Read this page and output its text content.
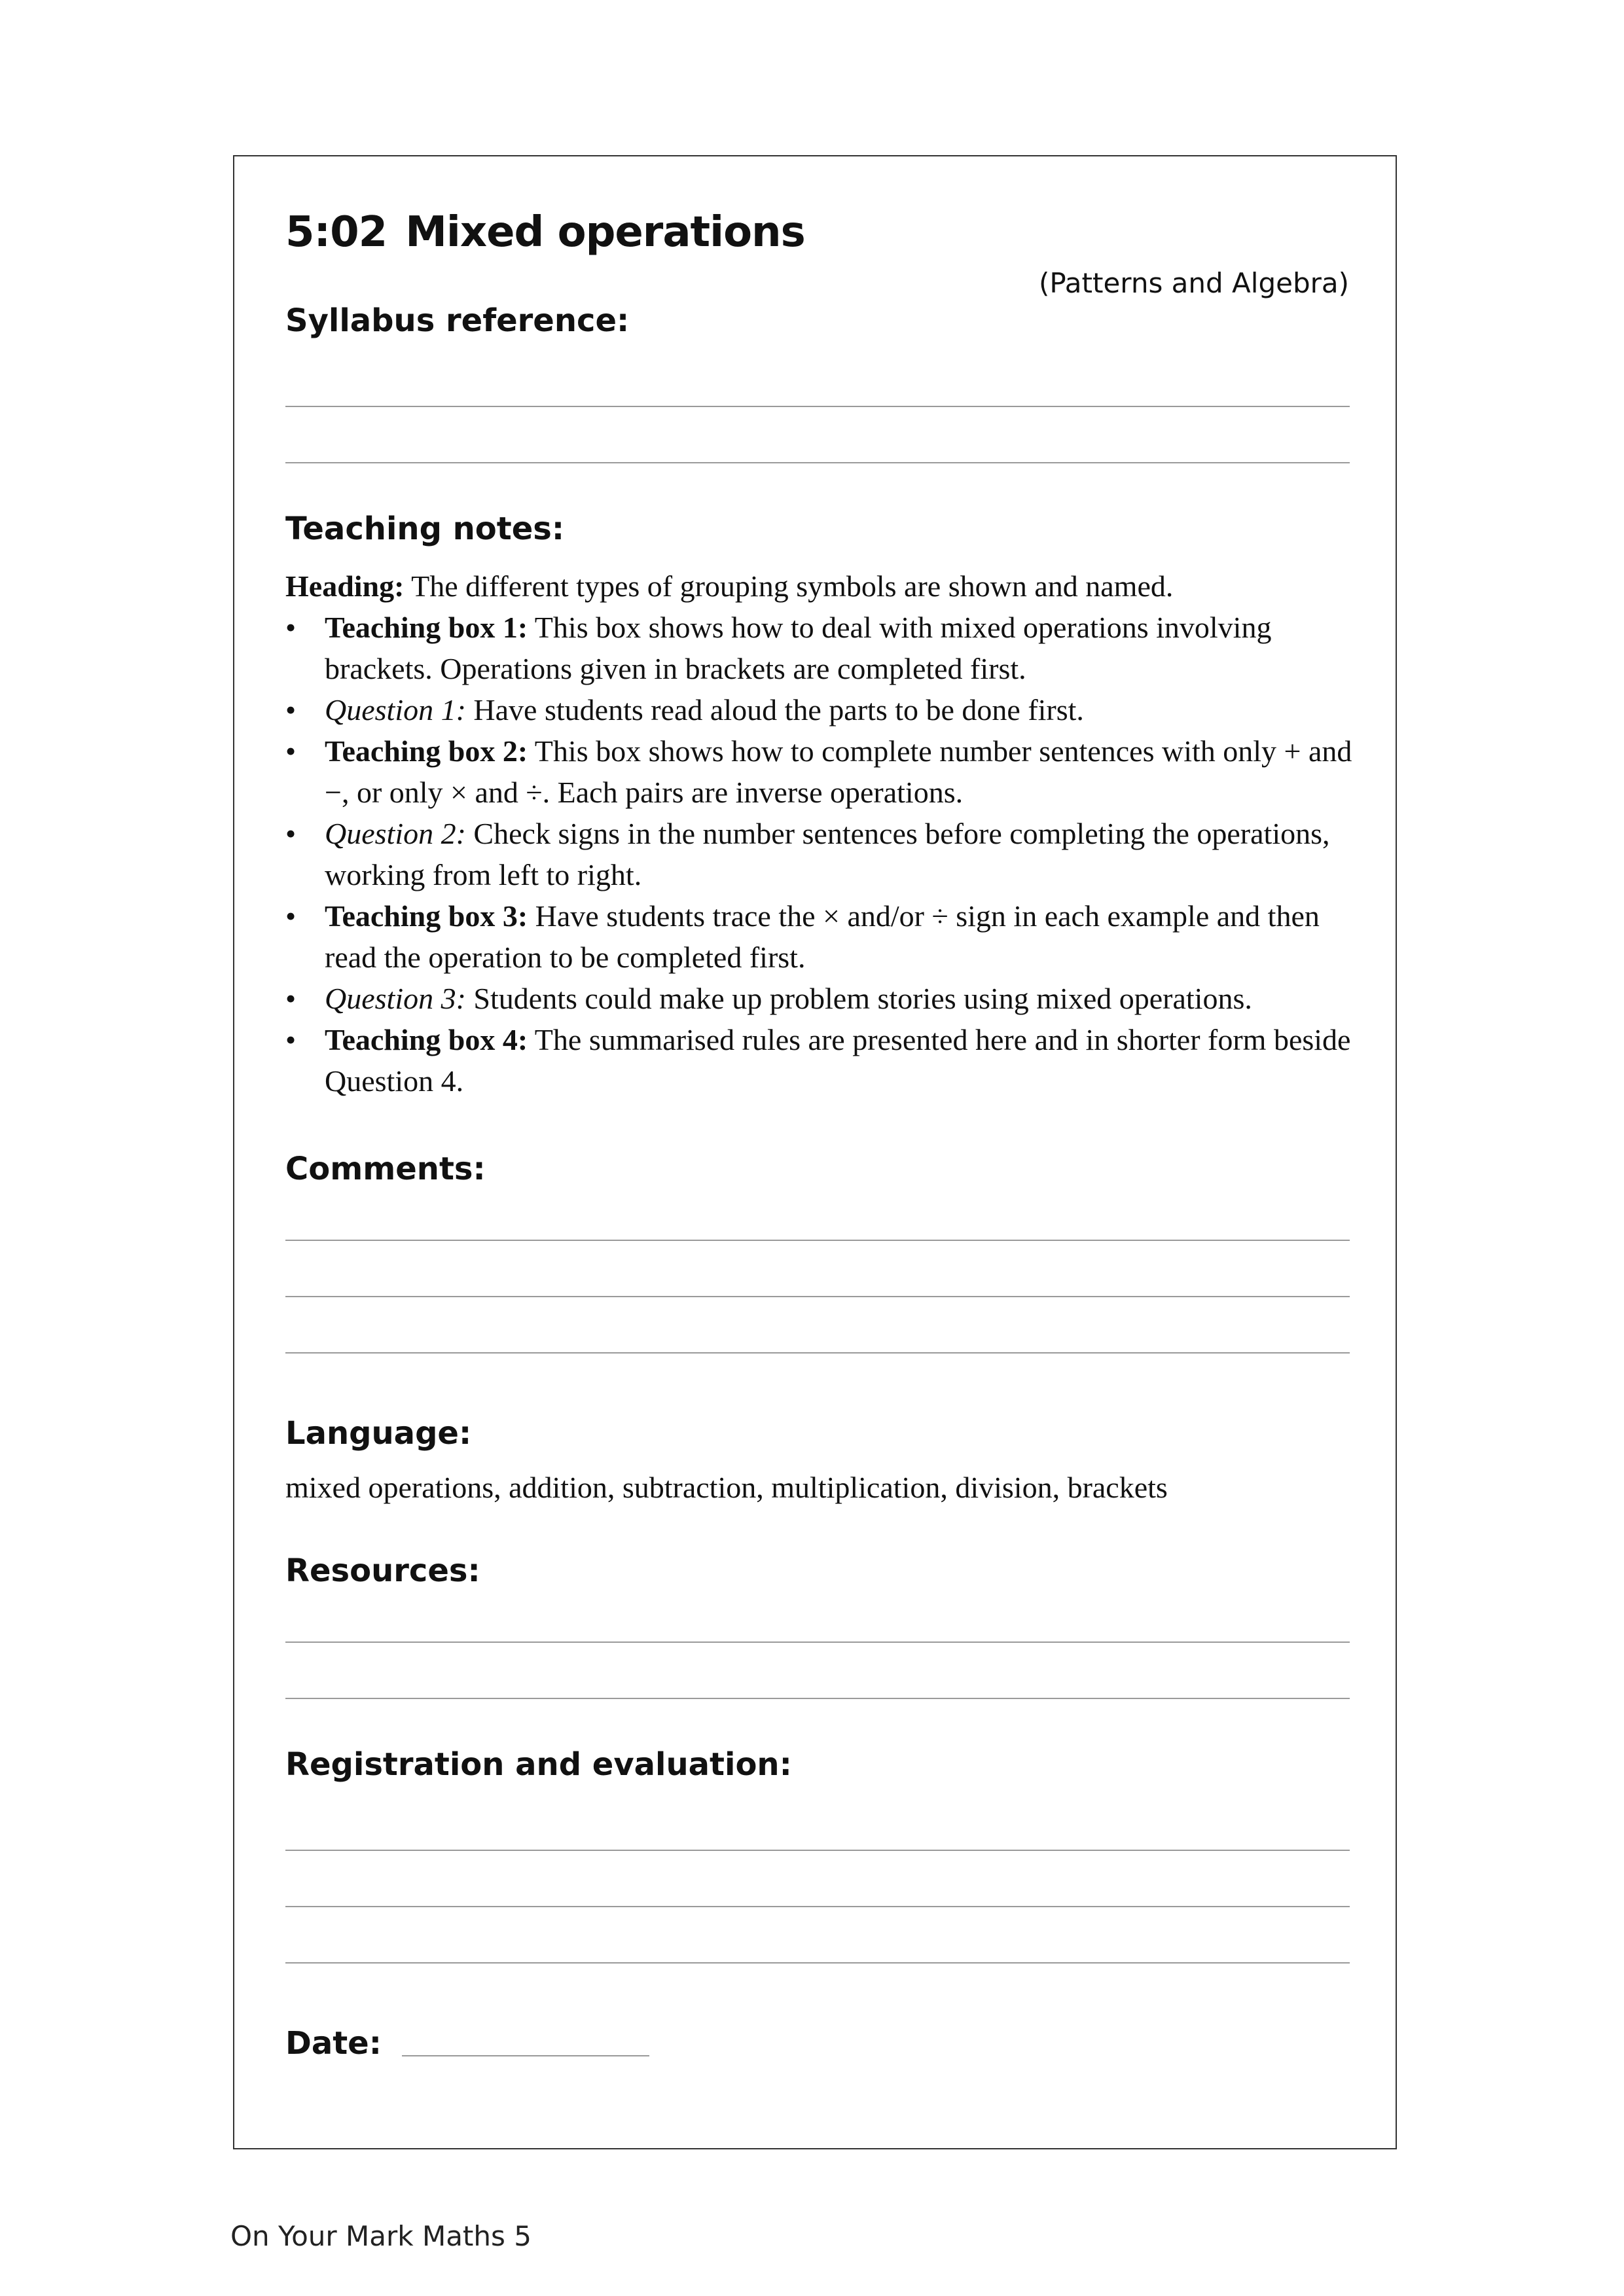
5:02 Mixed operations
(Patterns and Algebra)
Syllabus reference:
Teaching notes:

Heading: The different types of grouping symbols are shown and named.

• Teaching box 1: This box shows how to deal with mixed operations involving brackets. Operations given in brackets are completed first.
• Question 1: Have students read aloud the parts to be done first.
• Teaching box 2: This box shows how to complete number sentences with only + and −, or only × and ÷. Each pairs are inverse operations.
• Question 2: Check signs in the number sentences before completing the operations, working from left to right.
• Teaching box 3: Have students trace the × and/or ÷ sign in each example and then read the operation to be completed first.
• Question 3: Students could make up problem stories using mixed operations.
• Teaching box 4: The summarised rules are presented here and in shorter form beside Question 4.
Comments:
Language:
mixed operations, addition, subtraction, multiplication, division, brackets
Resources:
Registration and evaluation:
Date:
On Your Mark Maths 5
